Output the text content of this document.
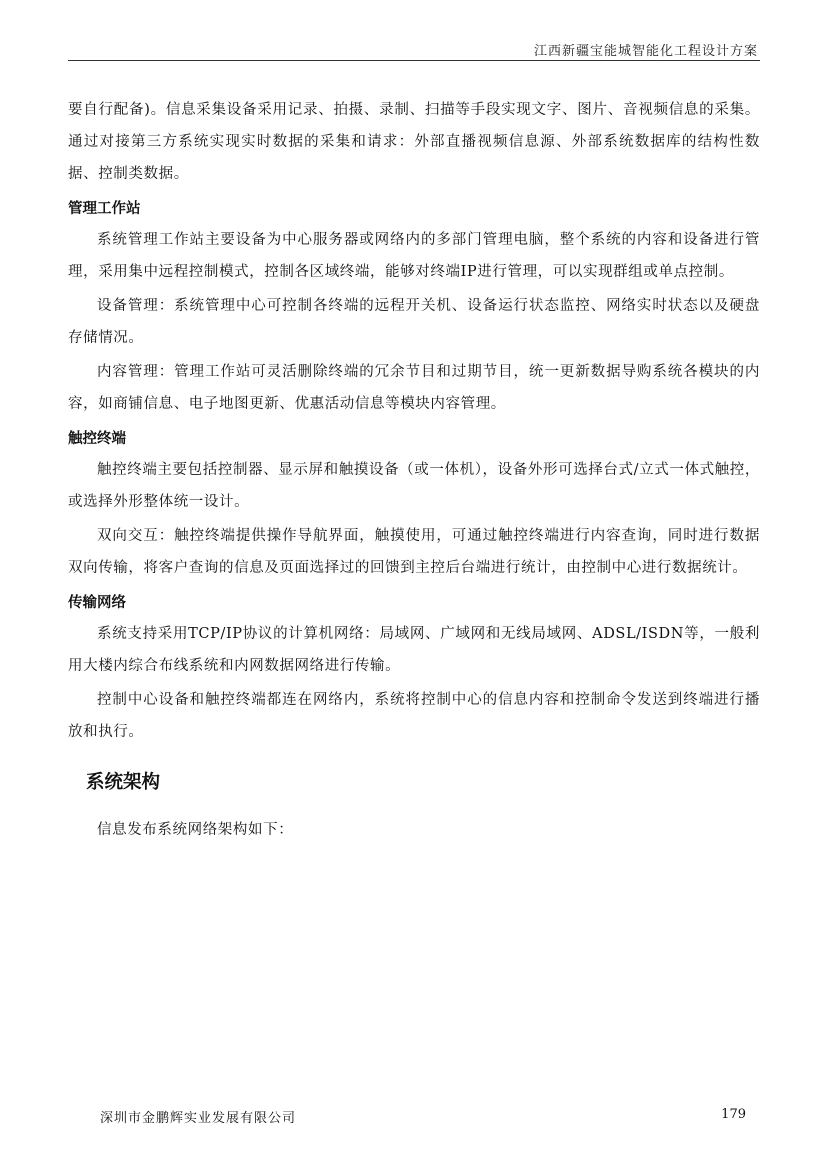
江西新疆宝能城智能化工程设计方案

要自行配备)。信息采集设备采用记录、拍摄、录制、扫描等手段实现文字、图片、音视频信息的采集。通过对接第三方系统实现实时数据的采集和请求：外部直播视频信息源、外部系统数据库的结构性数据、控制类数据。

管理工作站

系统管理工作站主要设备为中心服务器或网络内的多部门管理电脑，整个系统的内容和设备进行管理，采用集中远程控制模式，控制各区域终端，能够对终端IP进行管理，可以实现群组或单点控制。

设备管理：系统管理中心可控制各终端的远程开关机、设备运行状态监控、网络实时状态以及硬盘存储情况。

内容管理：管理工作站可灵活删除终端的冗余节目和过期节目，统一更新数据导购系统各模块的内容，如商铺信息、电子地图更新、优惠活动信息等模块内容管理。

触控终端

触控终端主要包括控制器、显示屏和触摸设备（或一体机），设备外形可选择台式/立式一体式触控，或选择外形整体统一设计。

双向交互：触控终端提供操作导航界面，触摸使用，可通过触控终端进行内容查询，同时进行数据双向传输，将客户查询的信息及页面选择过的回馈到主控后台端进行统计，由控制中心进行数据统计。

传输网络

系统支持采用TCP/IP协议的计算机网络：局域网、广域网和无线局域网、ADSL/ISDN等，一般利用大楼内综合布线系统和内网数据网络进行传输。

控制中心设备和触控终端都连在网络内，系统将控制中心的信息内容和控制命令发送到终端进行播放和执行。

系统架构

信息发布系统网络架构如下：

深圳市金鹏辉实业发展有限公司	179
